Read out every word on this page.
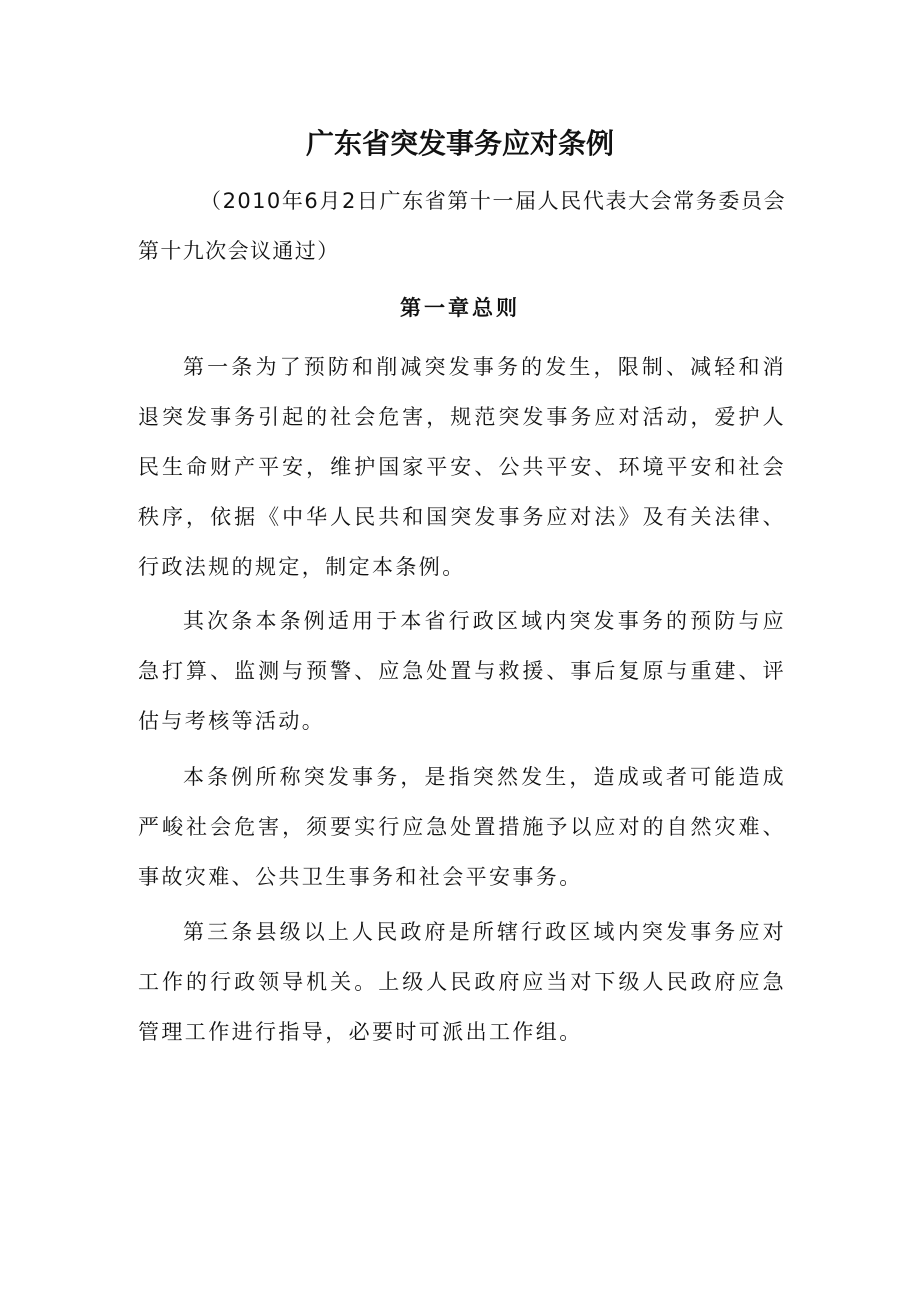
广东省突发事务应对条例

（2010年6月2日广东省第十一届人民代表大会常务委员会第十九次会议通过）

第一章总则

第一条为了预防和削减突发事务的发生，限制、减轻和消退突发事务引起的社会危害，规范突发事务应对活动，爱护人民生命财产平安，维护国家平安、公共平安、环境平安和社会秩序，依据《中华人民共和国突发事务应对法》及有关法律、行政法规的规定，制定本条例。

其次条本条例适用于本省行政区域内突发事务的预防与应急打算、监测与预警、应急处置与救援、事后复原与重建、评估与考核等活动。

本条例所称突发事务，是指突然发生，造成或者可能造成严峻社会危害，须要实行应急处置措施予以应对的自然灾难、事故灾难、公共卫生事务和社会平安事务。

第三条县级以上人民政府是所辖行政区域内突发事务应对工作的行政领导机关。上级人民政府应当对下级人民政府应急管理工作进行指导，必要时可派出工作组。
